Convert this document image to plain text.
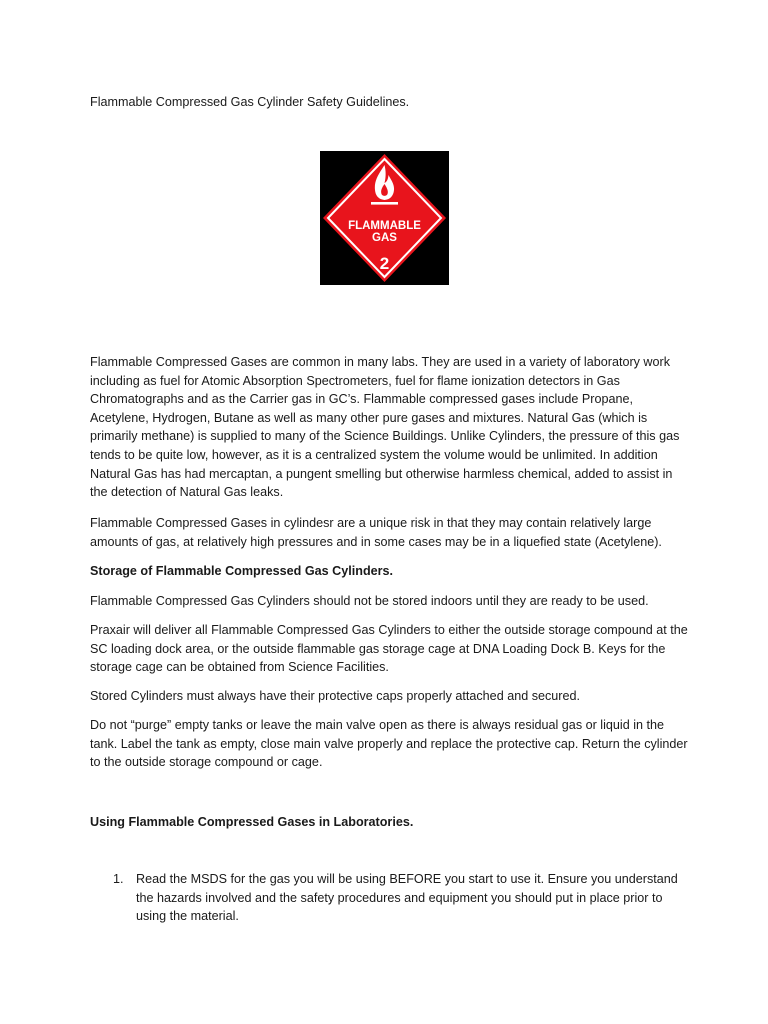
Flammable Compressed Gas Cylinder Safety Guidelines.

FLAMMABLE
GAS
2

Flammable Compressed Gases are common in many labs. They are used in a variety of laboratory work including as fuel for Atomic Absorption Spectrometers, fuel for flame ionization detectors in Gas Chromatographs and as the Carrier gas in GC’s. Flammable compressed gases include Propane, Acetylene, Hydrogen, Butane as well as many other pure gases and mixtures. Natural Gas (which is primarily methane) is supplied to many of the Science Buildings. Unlike Cylinders, the pressure of this gas tends to be quite low, however, as it is a centralized system the volume would be unlimited. In addition Natural Gas has had mercaptan, a pungent smelling but otherwise harmless chemical, added to assist in the detection of Natural Gas leaks.

Flammable Compressed Gases in cylindesr are a unique risk in that they may contain relatively large amounts of gas, at relatively high pressures and in some cases may be in a liquefied state (Acetylene).

Storage of Flammable Compressed Gas Cylinders.

Flammable Compressed Gas Cylinders should not be stored indoors until they are ready to be used.

Praxair will deliver all Flammable Compressed Gas Cylinders to either the outside storage compound at the SC loading dock area, or the outside flammable gas storage cage at DNA Loading Dock B. Keys for the storage cage can be obtained from Science Facilities.

Stored Cylinders must always have their protective caps properly attached and secured.

Do not “purge” empty tanks or leave the main valve open as there is always residual gas or liquid in the tank. Label the tank as empty, close main valve properly and replace the protective cap. Return the cylinder to the outside storage compound or cage.

Using Flammable Compressed Gases in Laboratories.

1. Read the MSDS for the gas you will be using BEFORE you start to use it. Ensure you understand the hazards involved and the safety procedures and equipment you should put in place prior to using the material.
